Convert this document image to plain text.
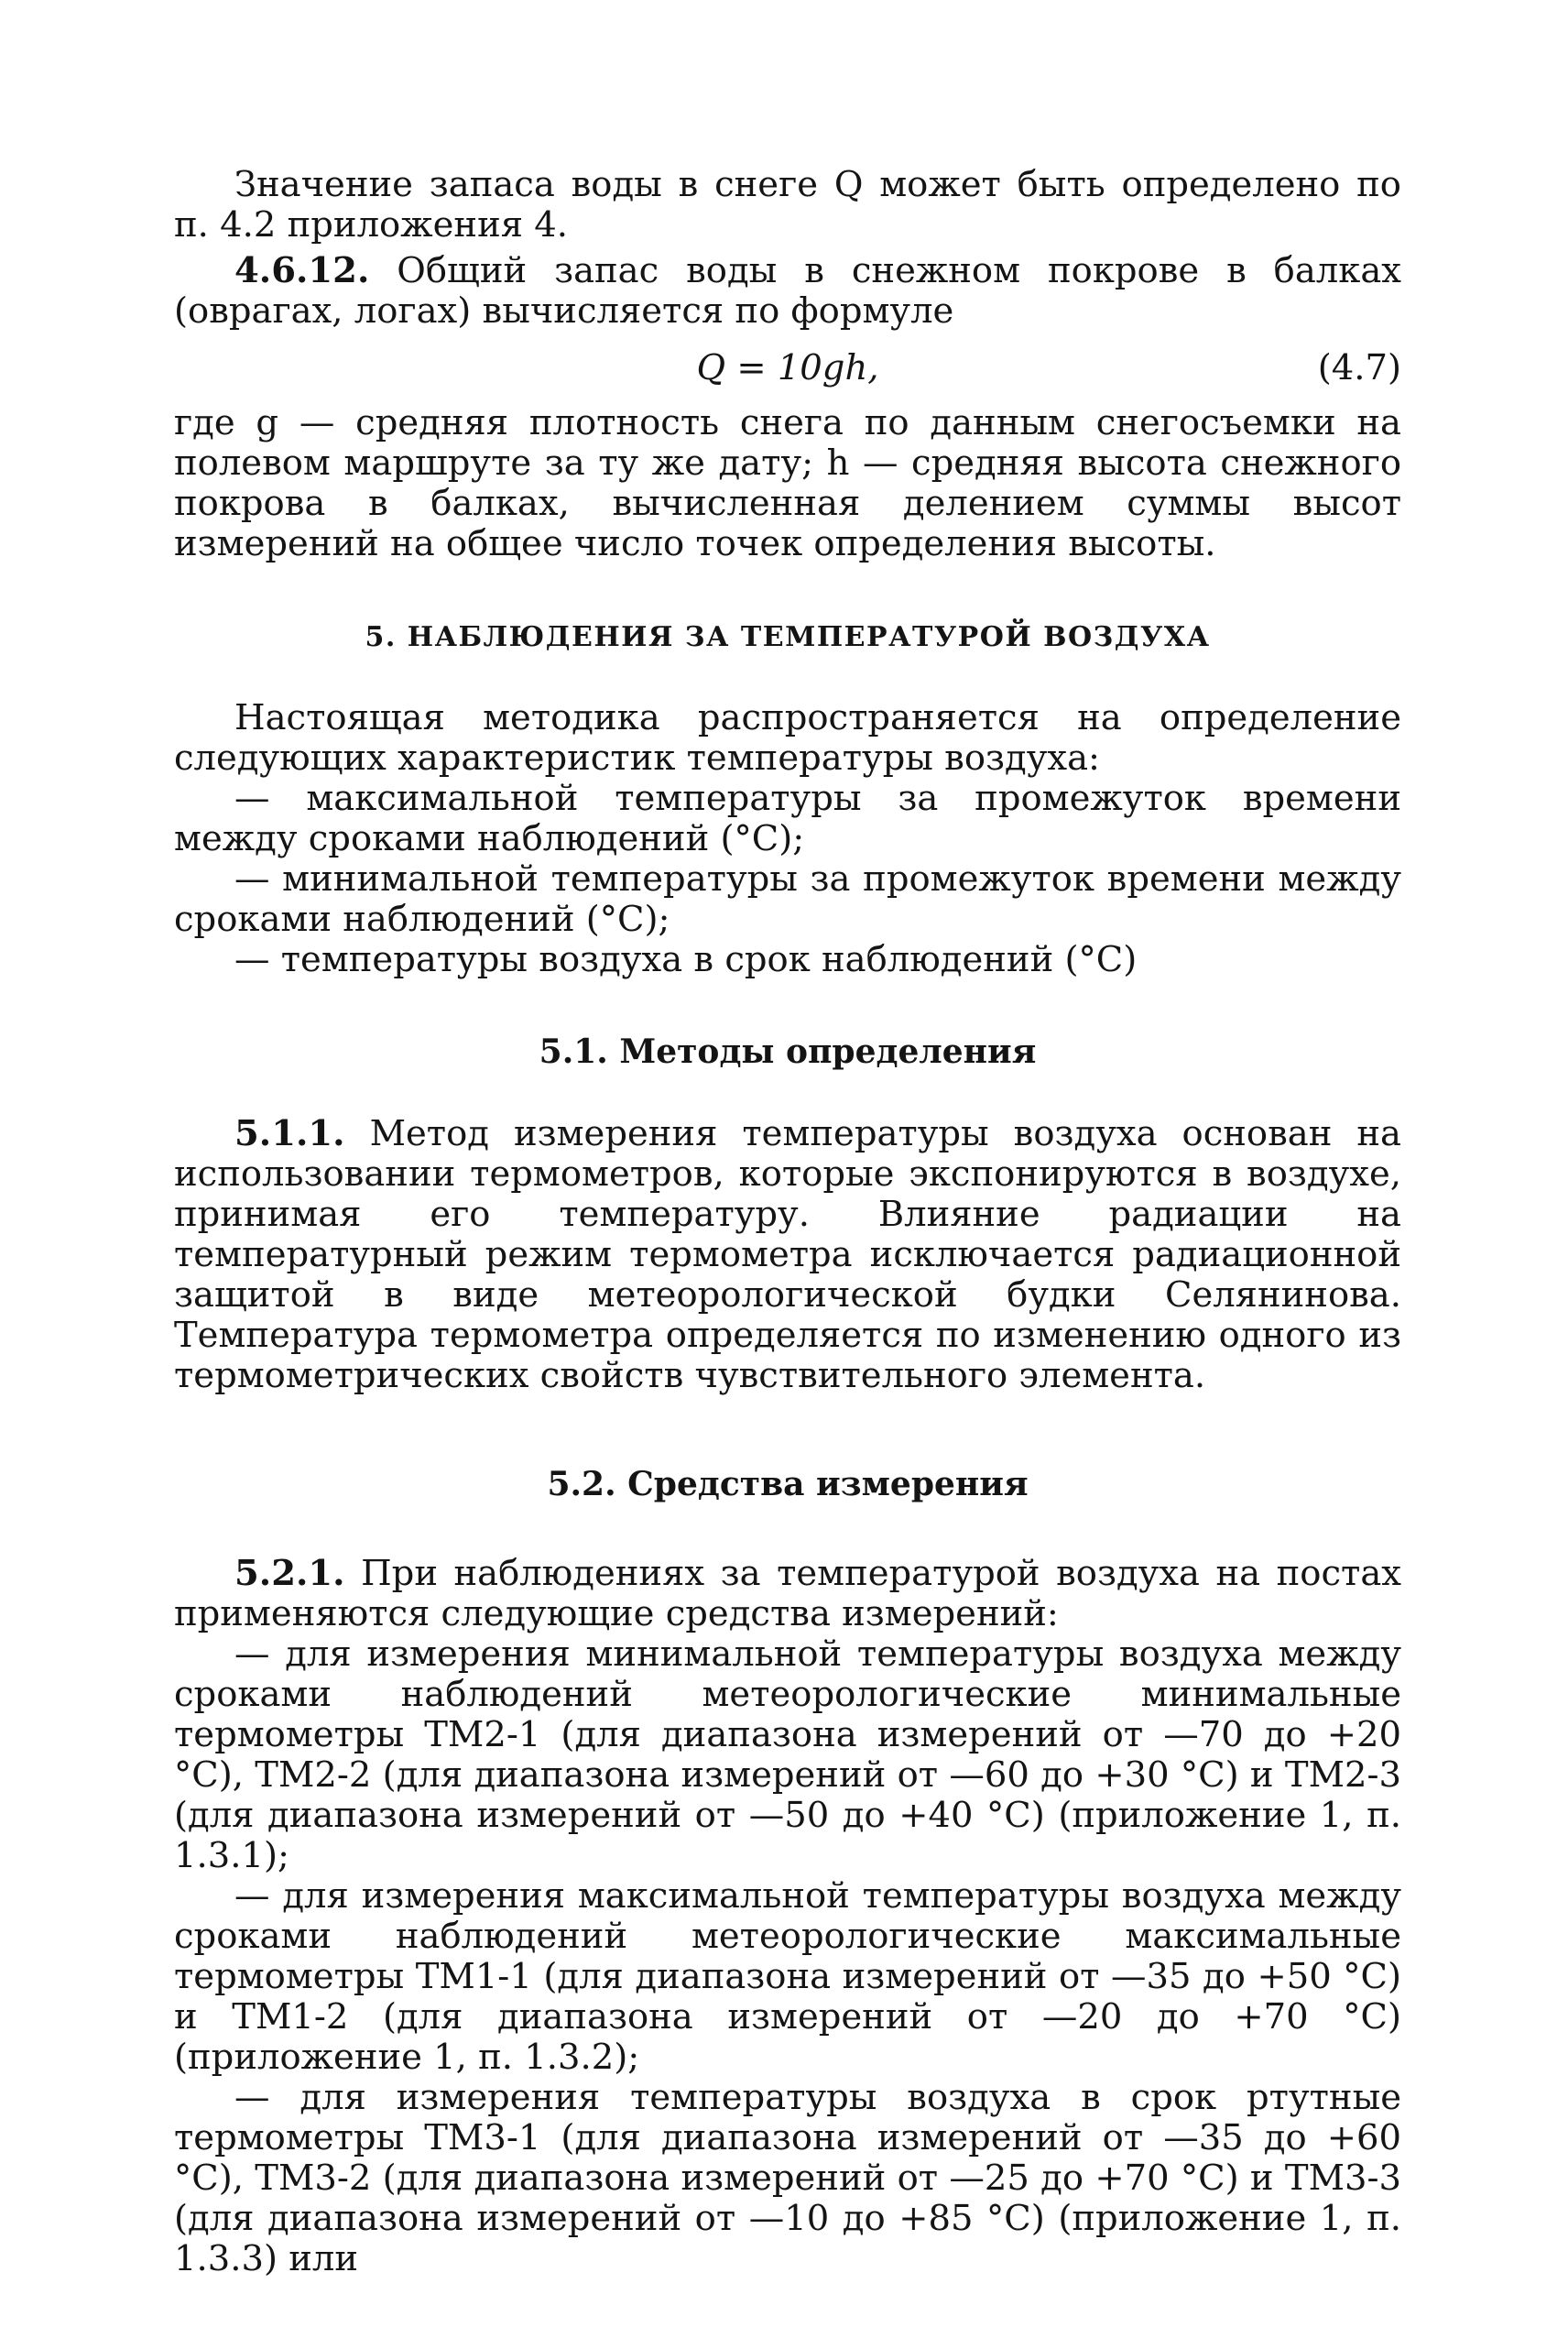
Значение запаса воды в снеге Q может быть определено по п. 4.2 приложения 4.

4.6.12. Общий запас воды в снежном покрове в балках (оврагах, логах) вычисляется по формуле

Q = 10gh,	(4.7)

где g — средняя плотность снега по данным снегосъемки на полевом маршруте за ту же дату; h — средняя высота снежного покрова в балках, вычисленная делением суммы высот измерений на общее число точек определения высоты.

5. НАБЛЮДЕНИЯ ЗА ТЕМПЕРАТУРОЙ ВОЗДУХА

Настоящая методика распространяется на определение следующих характеристик температуры воздуха:

— максимальной температуры за промежуток времени между сроками наблюдений (°C);

— минимальной температуры за промежуток времени между сроками наблюдений (°C);

— температуры воздуха в срок наблюдений (°C)

5.1. Методы определения

5.1.1. Метод измерения температуры воздуха основан на использовании термометров, которые экспонируются в воздухе, принимая его температуру. Влияние радиации на температурный режим термометра исключается радиационной защитой в виде метеорологической будки Селянинова. Температура термометра определяется по изменению одного из термометрических свойств чувствительного элемента.

5.2. Средства измерения

5.2.1. При наблюдениях за температурой воздуха на постах применяются следующие средства измерений:

— для измерения минимальной температуры воздуха между сроками наблюдений метеорологические минимальные термометры ТМ2-1 (для диапазона измерений от —70 до +20 °С), ТМ2-2 (для диапазона измерений от —60 до +30 °С) и ТМ2-3 (для диапазона измерений от —50 до +40 °С) (приложение 1, п. 1.3.1);

— для измерения максимальной температуры воздуха между сроками наблюдений метеорологические максимальные термометры ТМ1-1 (для диапазона измерений от —35 до +50 °С) и ТМ1-2 (для диапазона измерений от —20 до +70 °С) (приложение 1, п. 1.3.2);

— для измерения температуры воздуха в срок ртутные термометры ТМ3-1 (для диапазона измерений от —35 до +60 °С), ТМ3-2 (для диапазона измерений от —25 до +70 °С) и ТМ3-3 (для диапазона измерений от —10 до +85 °С) (приложение 1, п. 1.3.3) или
